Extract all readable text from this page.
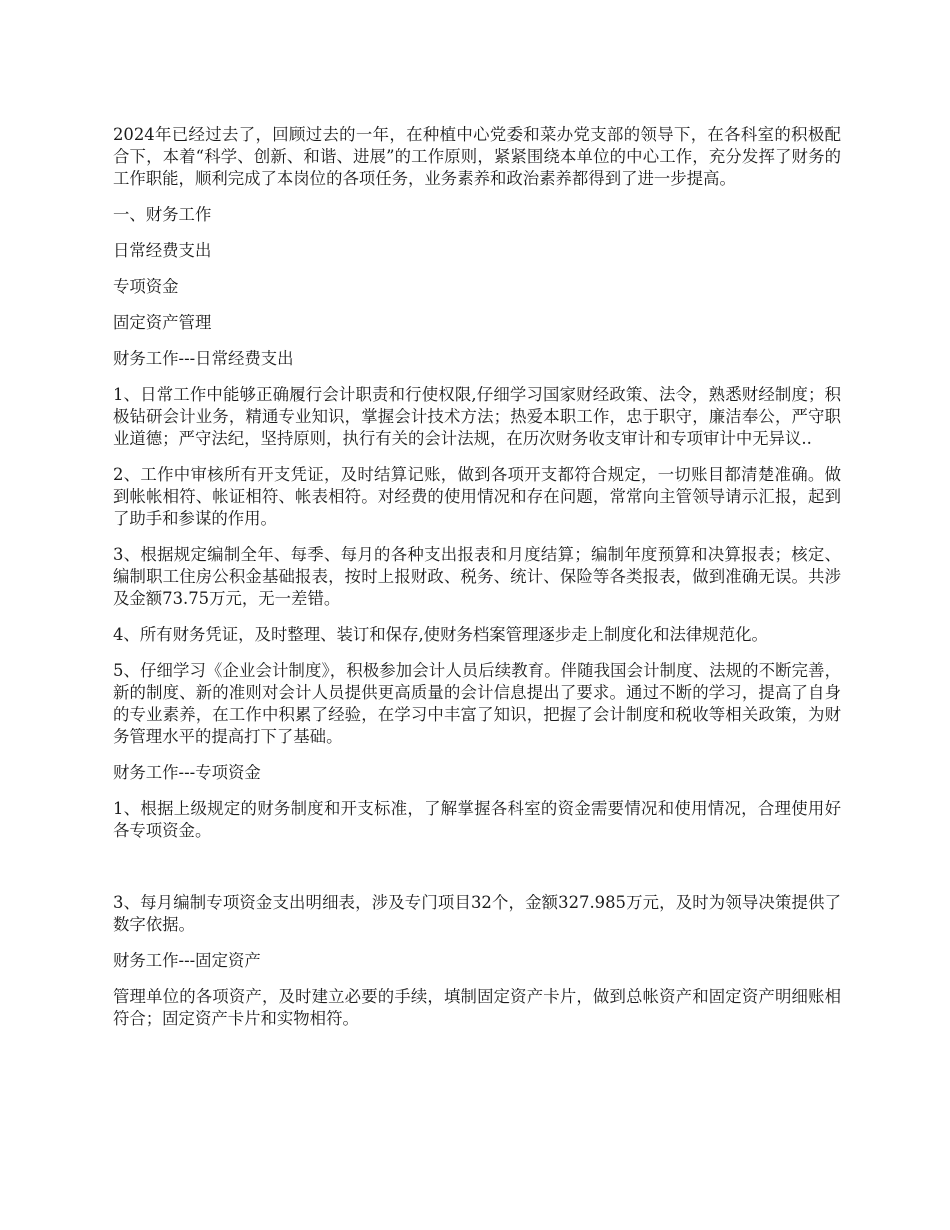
2024年已经过去了，回顾过去的一年，在种植中心党委和菜办党支部的领导下，在各科室的积极配合下，本着“科学、创新、和谐、进展”的工作原则，紧紧围绕本单位的中心工作，充分发挥了财务的工作职能，顺利完成了本岗位的各项任务，业务素养和政治素养都得到了进一步提高。

一、财务工作

日常经费支出

专项资金

固定资产管理

财务工作---日常经费支出

1、日常工作中能够正确履行会计职责和行使权限,仔细学习国家财经政策、法令，熟悉财经制度；积极钻研会计业务，精通专业知识，掌握会计技术方法；热爱本职工作，忠于职守，廉洁奉公，严守职业道德；严守法纪，坚持原则，执行有关的会计法规，在历次财务收支审计和专项审计中无异议..

2、工作中审核所有开支凭证，及时结算记账，做到各项开支都符合规定，一切账目都清楚准确。做到帐帐相符、帐证相符、帐表相符。对经费的使用情况和存在问题，常常向主管领导请示汇报，起到了助手和参谋的作用。

3、根据规定编制全年、每季、每月的各种支出报表和月度结算；编制年度预算和决算报表；核定、编制职工住房公积金基础报表，按时上报财政、税务、统计、保险等各类报表，做到准确无误。共涉及金额73.75万元，无一差错。

4、所有财务凭证，及时整理、装订和保存,使财务档案管理逐步走上制度化和法律规范化。

5、仔细学习《企业会计制度》，积极参加会计人员后续教育。伴随我国会计制度、法规的不断完善，新的制度、新的准则对会计人员提供更高质量的会计信息提出了要求。通过不断的学习，提高了自身的专业素养，在工作中积累了经验，在学习中丰富了知识，把握了会计制度和税收等相关政策，为财务管理水平的提高打下了基础。

财务工作---专项资金

1、根据上级规定的财务制度和开支标准，了解掌握各科室的资金需要情况和使用情况，合理使用好各专项资金。

3、每月编制专项资金支出明细表，涉及专门项目32个，金额327.985万元，及时为领导决策提供了数字依据。

财务工作---固定资产

管理单位的各项资产，及时建立必要的手续，填制固定资产卡片，做到总帐资产和固定资产明细账相符合；固定资产卡片和实物相符。
